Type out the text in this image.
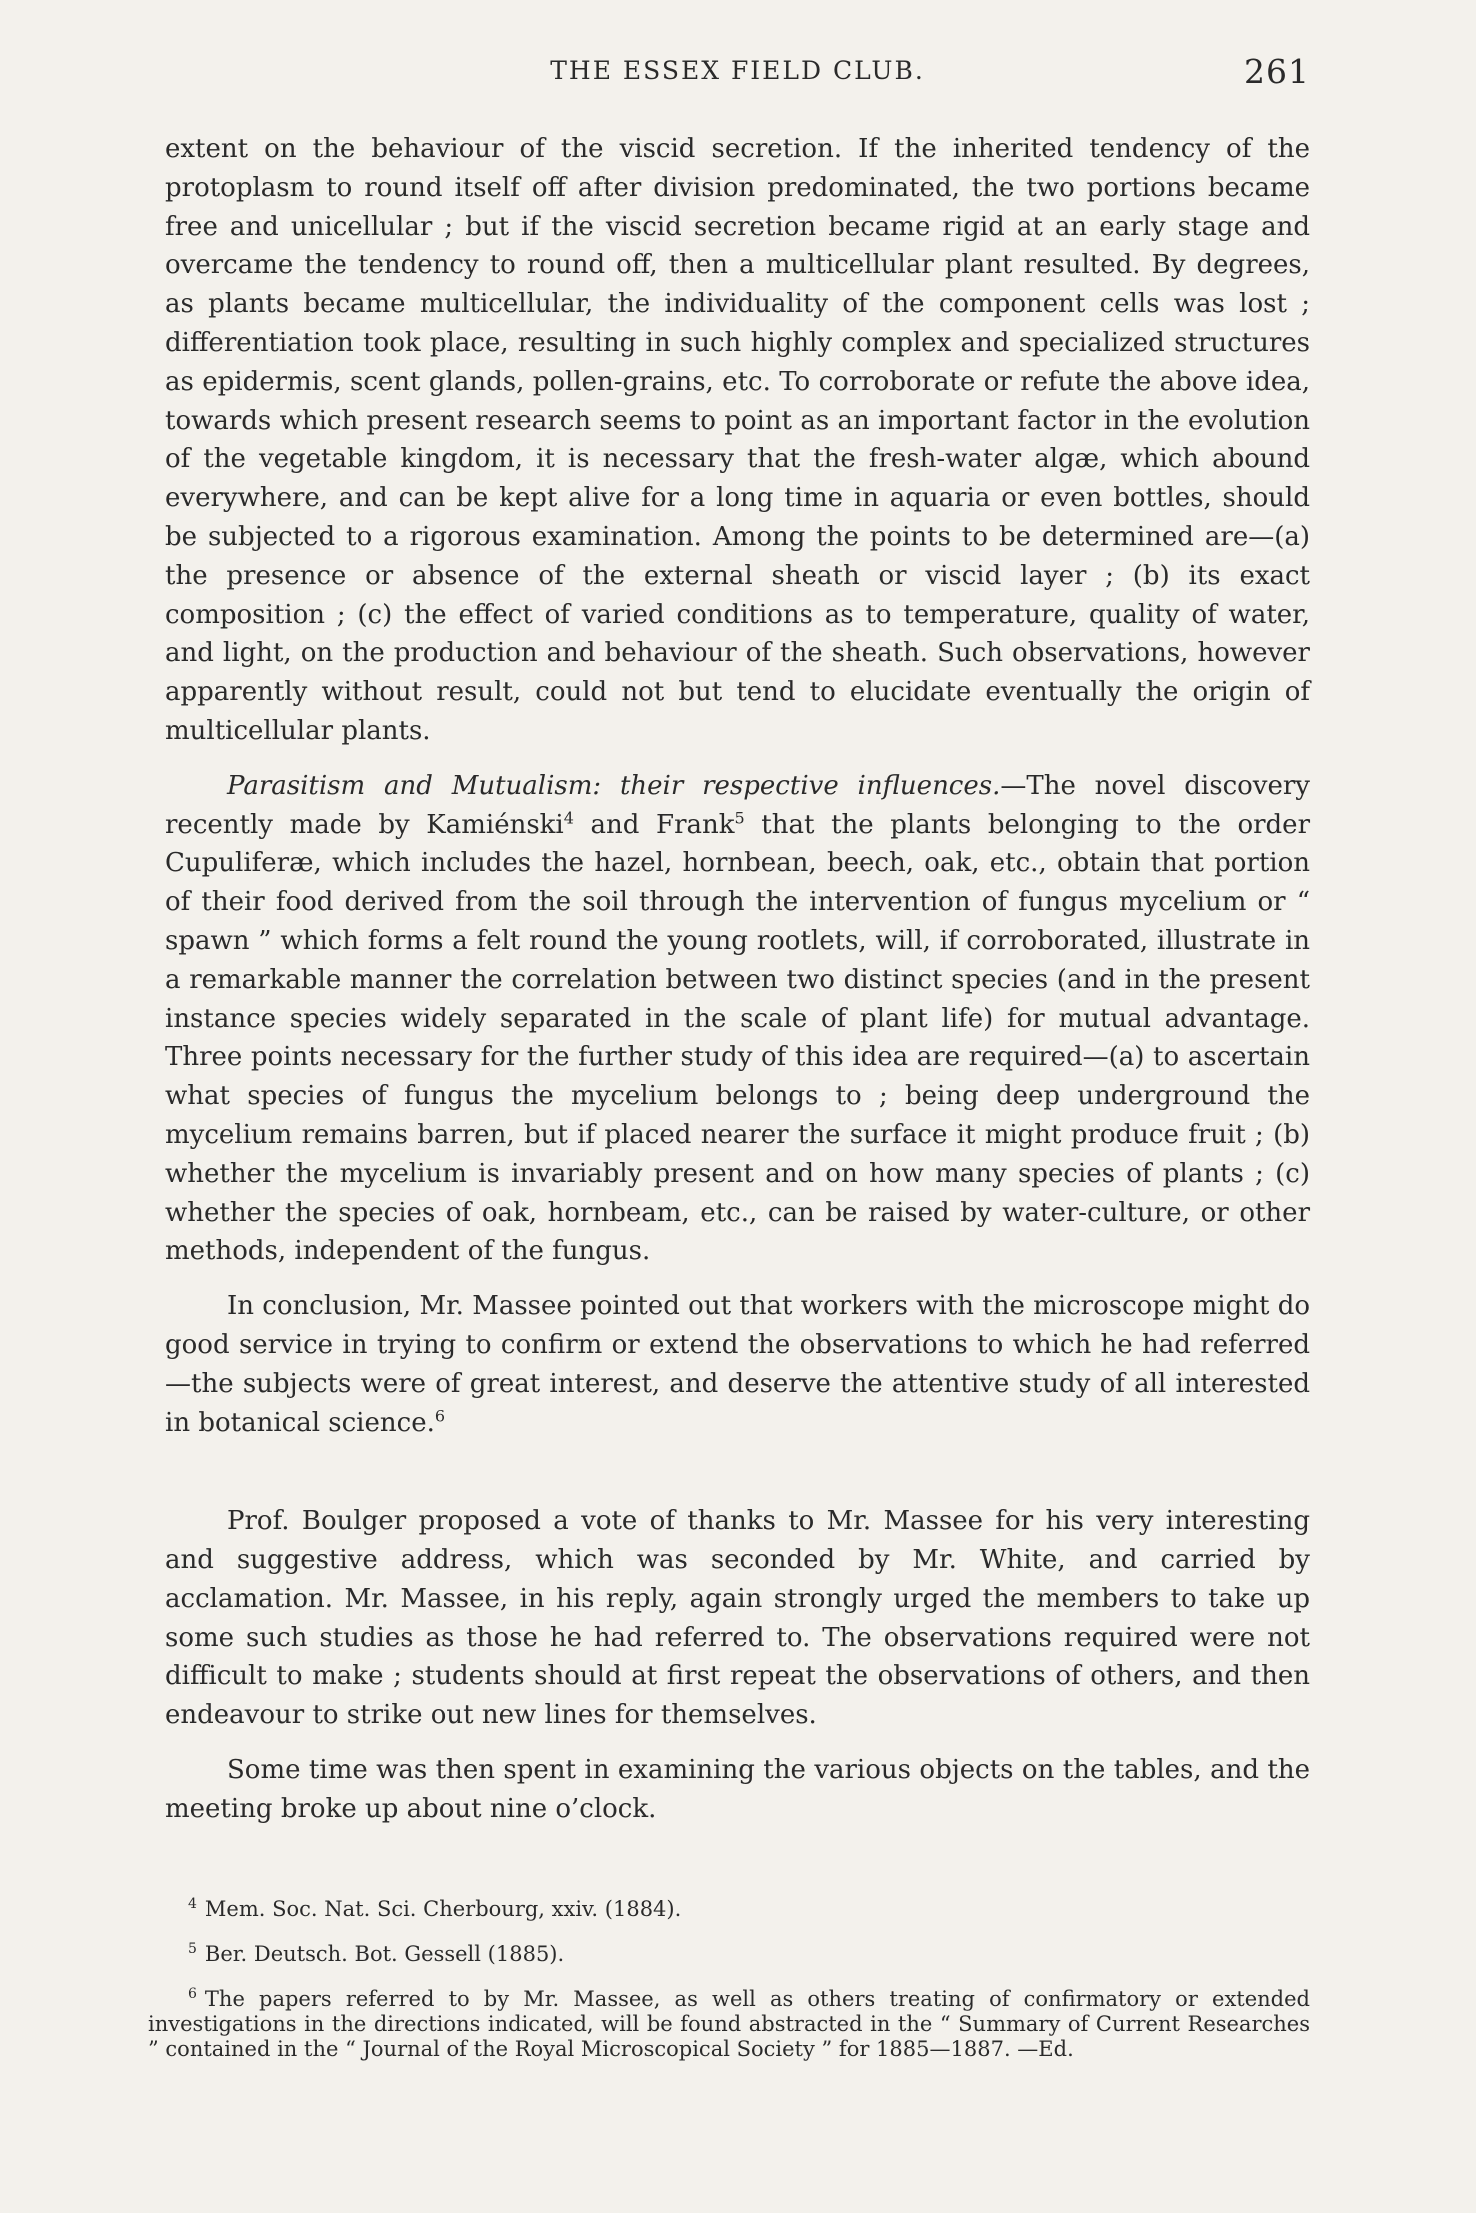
THE ESSEX FIELD CLUB.	261

extent on the behaviour of the viscid secretion. If the inherited tendency of the protoplasm to round itself off after division predominated, the two portions became free and unicellular ; but if the viscid secretion became rigid at an early stage and overcame the tendency to round off, then a multicellular plant resulted. By degrees, as plants became multicellular, the individuality of the component cells was lost ; differentiation took place, resulting in such highly complex and specialized structures as epidermis, scent glands, pollen-grains, etc. To corroborate or refute the above idea, towards which present research seems to point as an important factor in the evolution of the vegetable kingdom, it is necessary that the fresh-water algæ, which abound everywhere, and can be kept alive for a long time in aquaria or even bottles, should be subjected to a rigorous examination. Among the points to be determined are—(a) the presence or absence of the external sheath or viscid layer ; (b) its exact composition ; (c) the effect of varied conditions as to temperature, quality of water, and light, on the production and behaviour of the sheath. Such observations, however apparently without result, could not but tend to elucidate eventually the origin of multicellular plants.

Parasitism and Mutualism: their respective influences.—The novel discovery recently made by Kamiénski$^4$ and Frank$^5$ that the plants belonging to the order Cupuliferæ, which includes the hazel, hornbean, beech, oak, etc., obtain that portion of their food derived from the soil through the intervention of fungus mycelium or “ spawn ” which forms a felt round the young rootlets, will, if corroborated, illustrate in a remarkable manner the correlation between two distinct species (and in the present instance species widely separated in the scale of plant life) for mutual advantage. Three points necessary for the further study of this idea are required—(a) to ascertain what species of fungus the mycelium belongs to ; being deep underground the mycelium remains barren, but if placed nearer the surface it might produce fruit ; (b) whether the mycelium is invariably present and on how many species of plants ; (c) whether the species of oak, hornbeam, etc., can be raised by water-culture, or other methods, independent of the fungus.

In conclusion, Mr. Massee pointed out that workers with the microscope might do good service in trying to confirm or extend the observations to which he had referred—the subjects were of great interest, and deserve the attentive study of all interested in botanical science.$^6$

Prof. Boulger proposed a vote of thanks to Mr. Massee for his very interesting and suggestive address, which was seconded by Mr. White, and carried by acclamation. Mr. Massee, in his reply, again strongly urged the members to take up some such studies as those he had referred to. The observations required were not difficult to make ; students should at first repeat the observations of others, and then endeavour to strike out new lines for themselves.

Some time was then spent in examining the various objects on the tables, and the meeting broke up about nine o’clock.

$^4$ Mem. Soc. Nat. Sci. Cherbourg, xxiv. (1884).

$^5$ Ber. Deutsch. Bot. Gessell (1885).

$^6$ The papers referred to by Mr. Massee, as well as others treating of confirmatory or extended investigations in the directions indicated, will be found abstracted in the “ Summary of Current Researches ” contained in the “ Journal of the Royal Microscopical Society ” for 1885—1887. —Ed.
